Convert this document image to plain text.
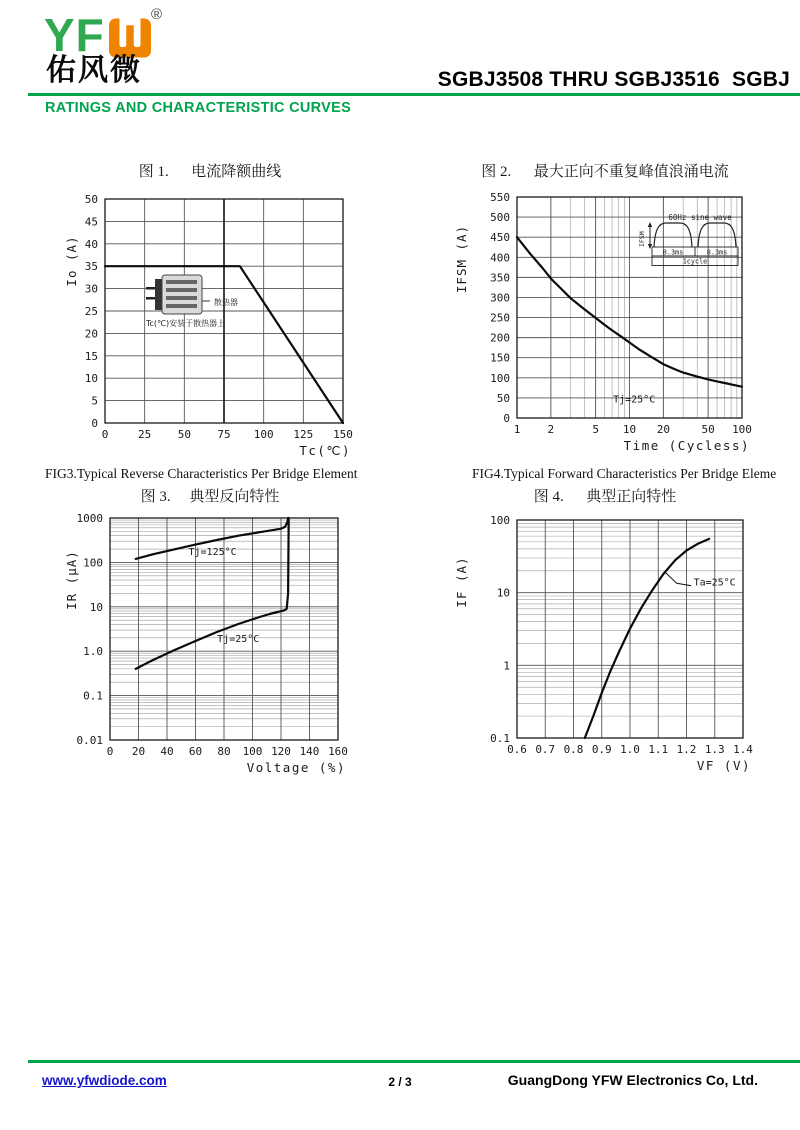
YF	®
佑风微	SGBJ3508 THRU SGBJ3516  SGBJ
RATINGS AND CHARACTERISTIC CURVES
图 1.      电流降额曲线	图 2.      最大正向不重复峰值浪涌电流
FIG3.Typical Reverse Characteristics Per Bridge Element	FIG4.Typical Forward Characteristics Per Bridge Eleme
图 3.     典型反向特性	图 4.      典型正向特性
散热器
Tc(℃)安装于散热器上
0	25 50 75 100 125 150
0
5
10
15
20
25
30
35
40
45
50
Tc(℃)
Io (A)
60Hz sine wave
IFSM
8.3ms	8.3ms
1cycle
1 2	5 10 20	50 100
0
50
100
150
200
250
300
350
400
450
500
550
Tj=25°C
Time (Cycless)
IFSM (A)
0 20 40 60 80 100 120 140 160
0.01
0.1
1.0
10
100
1000
Tj=125°C
Tj=25°C
Voltage (%)
IR (μA)
0.6 0.7 0.8 0.9 1.0 1.1 1.2 1.3 1.4
0.1
1
10
100
Ta=25°C
VF (V)
IF (A)
www.yfwdiode.com	2 / 3	GuangDong YFW Electronics Co, Ltd.
